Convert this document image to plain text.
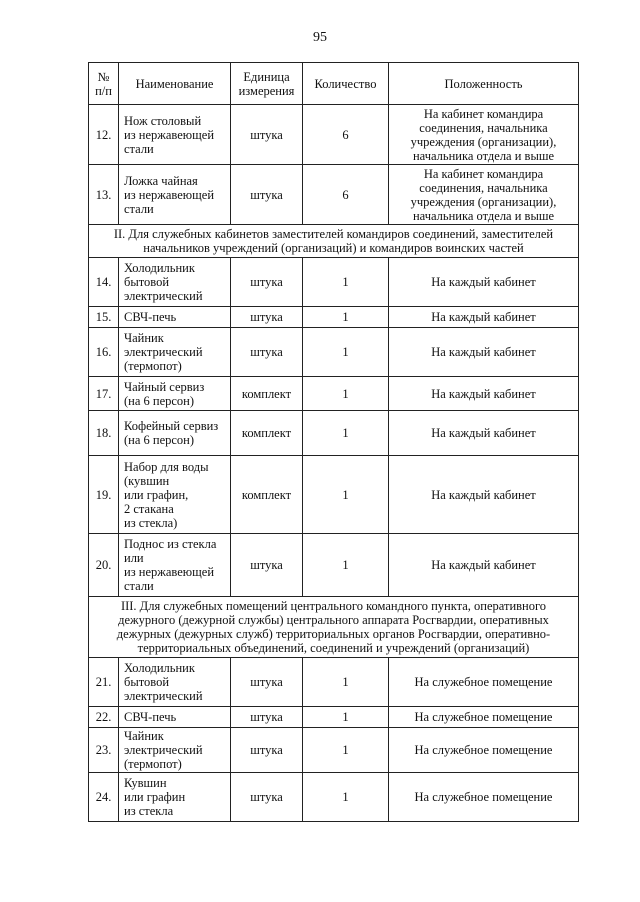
95
№
п/п	Наименование	Единица измерения	Количество	Положенность
12.	Нож столовый
из нержавеющей
стали	штука	6	На кабинет командира
соединения, начальника
учреждения (организации),
начальника отдела и выше
13.	Ложка чайная
из нержавеющей
стали	штука	6	На кабинет командира
соединения, начальника
учреждения (организации),
начальника отдела и выше
II. Для служебных кабинетов заместителей командиров соединений, заместителей
начальников учреждений (организаций) и командиров воинских частей				
14.	Холодильник
бытовой
электрический	штука	1	На каждый кабинет
15.	СВЧ-печь	штука	1	На каждый кабинет
16.	Чайник
электрический
(термопот)	штука	1	На каждый кабинет
17.	Чайный сервиз
(на 6 персон)	комплект	1	На каждый кабинет
18.	Кофейный сервиз
(на 6 персон)	комплект	1	На каждый кабинет
19.	Набор для воды
(кувшин
или графин,
2 стакана
из стекла)	комплект	1	На каждый кабинет
20.	Поднос из стекла
или
из нержавеющей
стали	штука	1	На каждый кабинет
III. Для служебных помещений центрального командного пункта, оперативного
дежурного (дежурной службы) центрального аппарата Росгвардии, оперативных
дежурных (дежурных служб) территориальных органов Росгвардии, оперативно-
территориальных объединений, соединений и учреждений (организаций)				
21.	Холодильник
бытовой
электрический	штука	1	На служебное помещение
22.	СВЧ-печь	штука	1	На служебное помещение
23.	Чайник
электрический
(термопот)	штука	1	На служебное помещение
24.	Кувшин
или графин
из стекла	штука	1	На служебное помещение
